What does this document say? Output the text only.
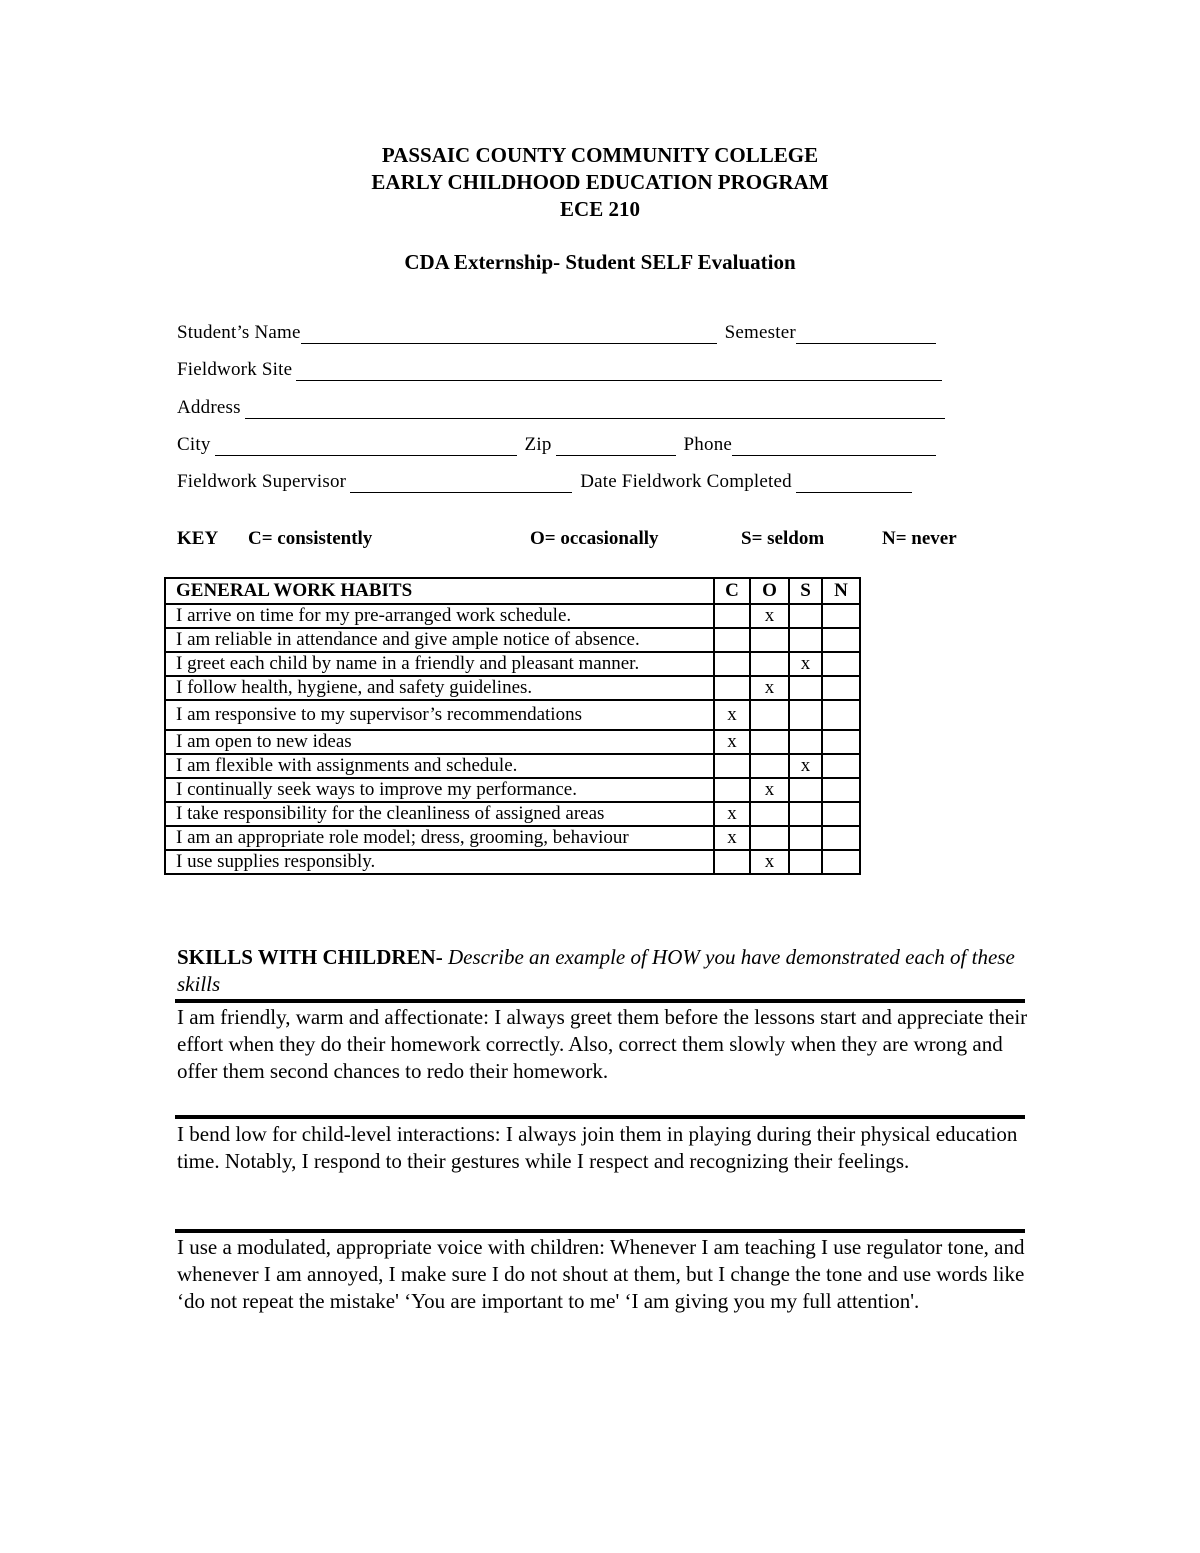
PASSAIC COUNTY COMMUNITY COLLEGE
EARLY CHILDHOOD EDUCATION PROGRAM
ECE 210
CDA Externship- Student SELF Evaluation
Student’s Name	Semester
Fieldwork Site
Address
City	Zip	Phone
Fieldwork Supervisor	Date Fieldwork Completed
KEY C= consistently	O= occasionally	S= seldom	N= never
GENERAL WORK HABITS	C	O	S	N
I arrive on time for my pre-arranged work schedule.		x		
I am reliable in attendance and give ample notice of absence.				
I greet each child by name in a friendly and pleasant manner.			x	
I follow health, hygiene, and safety guidelines.		x		
I am responsive to my supervisor’s recommendations	x			
I am open to new ideas	x			
I am flexible with assignments and schedule.			x	
I continually seek ways to improve my performance.		x		
I take responsibility for the cleanliness of assigned areas	x			
I am an appropriate role model; dress, grooming, behaviour	x			
I use supplies responsibly.		x		
SKILLS WITH CHILDREN- Describe an example of HOW you have demonstrated each of these skills
I am friendly, warm and affectionate: I always greet them before the lessons start and appreciate their effort when they do their homework correctly. Also, correct them slowly when they are wrong and offer them second chances to redo their homework.
I bend low for child-level interactions: I always join them in playing during their physical education time. Notably, I respond to their gestures while I respect and recognizing their feelings.
I use a modulated, appropriate voice with children: Whenever I am teaching I use regulator tone, and whenever I am annoyed, I make sure I do not shout at them, but I change the tone and use words like ‘do not repeat the mistake' ‘You are important to me' ‘I am giving you my full attention'.
